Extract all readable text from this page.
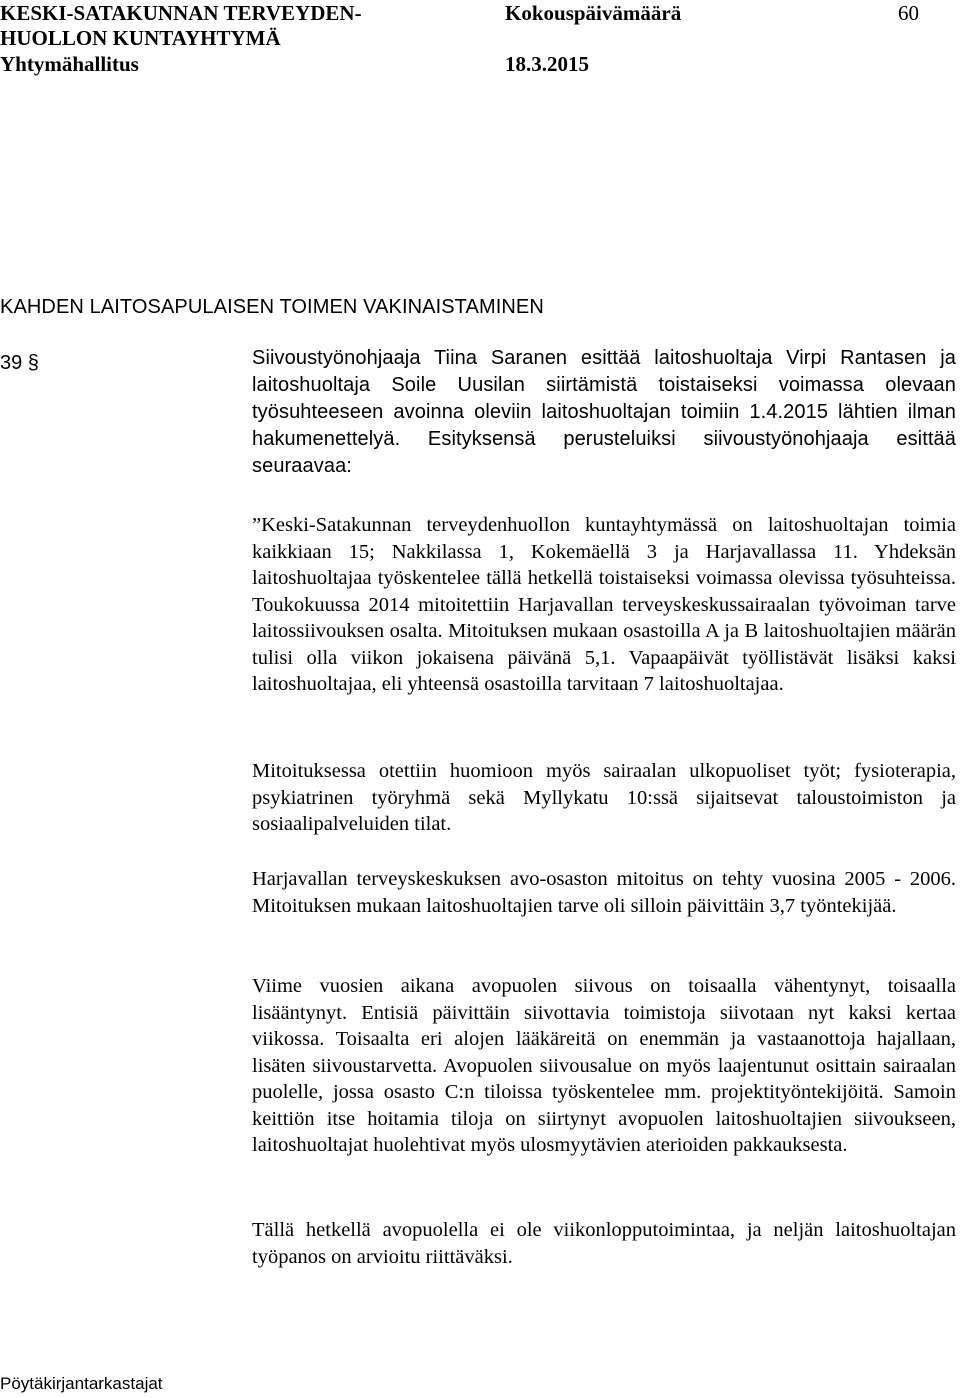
KESKI-SATAKUNNAN TERVEYDEN-
HUOLLON KUNTAYHTYMÄ
Yhtymähallitus
Kokouspäivämäärä
18.3.2015
60
KAHDEN LAITOSAPULAISEN TOIMEN VAKINAISTAMINEN
39 §	Siivoustyönohjaaja Tiina Saranen esittää laitoshuoltaja Virpi Rantasen ja laitoshuoltaja Soile Uusilan siirtämistä toistaiseksi voimassa olevaan työsuhteeseen avoinna oleviin laitoshuoltajan toimiin 1.4.2015 lähtien ilman hakumenettelyä. Esityksensä perusteluiksi siivoustyönohjaaja esittää seuraavaa:

”Keski-Satakunnan terveydenhuollon kuntayhtymässä on laitoshuoltajan toimia kaikkiaan 15; Nakkilassa 1, Kokemäellä 3 ja Harjavallassa 11. Yhdeksän laitoshuoltajaa työskentelee tällä hetkellä toistaiseksi voimassa olevissa työsuhteissa. Toukokuussa 2014 mitoitettiin Harjavallan terveyskeskussairaalan työvoiman tarve laitossiivouksen osalta. Mitoituksen mukaan osastoilla A ja B laitoshuoltajien määrän tulisi olla viikon jokaisena päivänä 5,1. Vapaapäivät työllistävät lisäksi kaksi laitoshuoltajaa, eli yhteensä osastoilla tarvitaan 7 laitoshuoltajaa.

Mitoituksessa otettiin huomioon myös sairaalan ulkopuoliset työt; fysioterapia, psykiatrinen työryhmä sekä Myllykatu 10:ssä sijaitsevat taloustoimiston ja sosiaalipalveluiden tilat.

Harjavallan terveyskeskuksen avo-osaston mitoitus on tehty vuosina 2005 - 2006. Mitoituksen mukaan laitoshuoltajien tarve oli silloin päivittäin 3,7 työntekijää.

Viime vuosien aikana avopuolen siivous on toisaalla vähentynyt, toisaalla lisääntynyt. Entisiä päivittäin siivottavia toimistoja siivotaan nyt kaksi kertaa viikossa. Toisaalta eri alojen lääkäreitä on enemmän ja vastaanottoja hajallaan, lisäten siivoustarvetta. Avopuolen siivousalue on myös laajentunut osittain sairaalan puolelle, jossa osasto C:n tiloissa työskentelee mm. projektityöntekijöitä. Samoin keittiön itse hoitamia tiloja on siirtynyt avopuolen laitoshuoltajien siivoukseen, laitoshuoltajat huolehtivat myös ulosmyytävien aterioiden pakkauksesta.

Tällä hetkellä avopuolella ei ole viikonlopputoimintaa, ja neljän laitoshuoltajan työpanos on arvioitu riittäväksi.

Pöytäkirjantarkastajat
